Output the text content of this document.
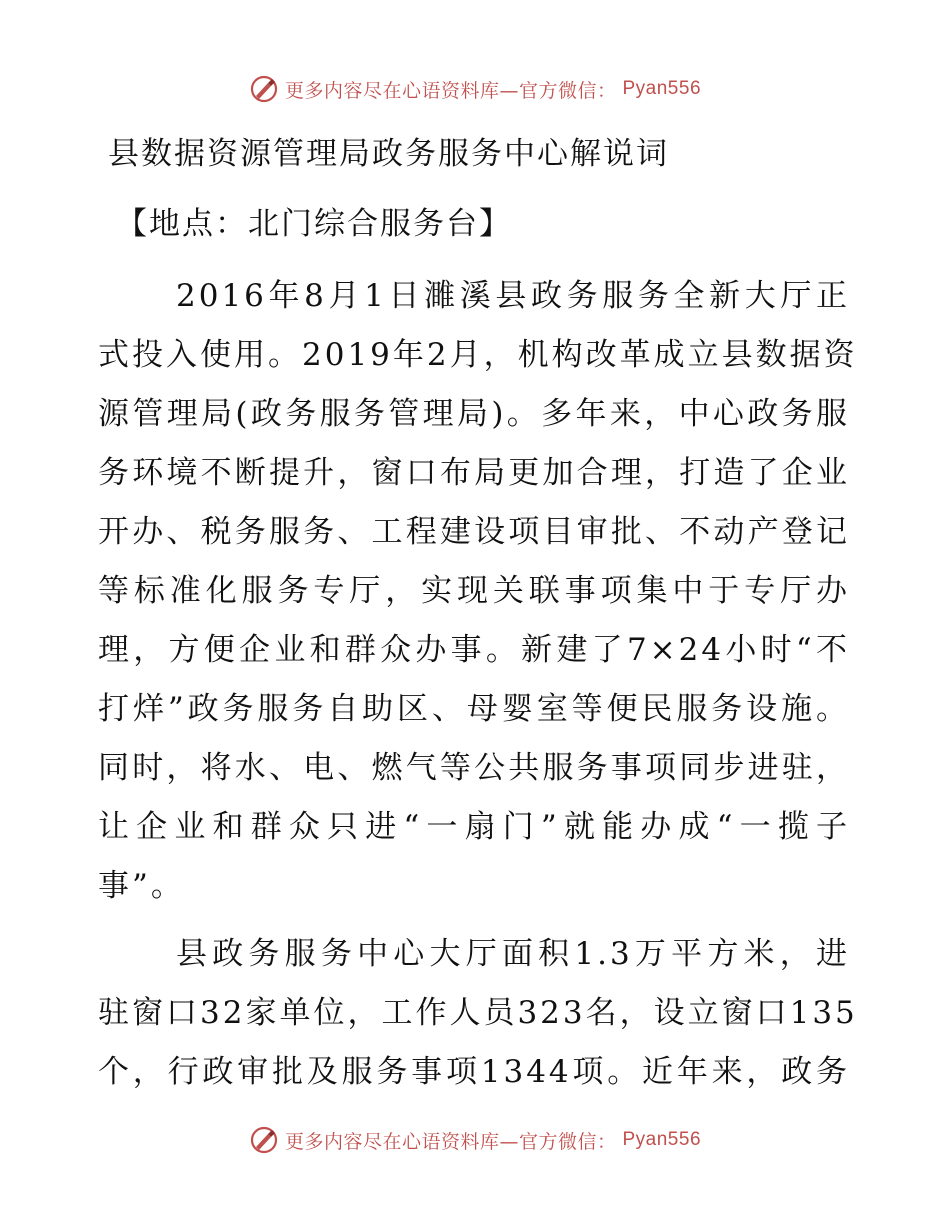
更多内容尽在心语资料库—官方微信： Pyan556
县数据资源管理局政务服务中心解说词
【地点：北门综合服务台】
2016年8月1日濉溪县政务服务全新大厅正
式投入使用。2019年2月，机构改革成立县数据资
源管理局(政务服务管理局)。多年来，中心政务服
务环境不断提升，窗口布局更加合理，打造了企业
开办、税务服务、工程建设项目审批、不动产登记
等标准化服务专厅，实现关联事项集中于专厅办
理，方便企业和群众办事。新建了7×24小时“不
打烊”政务服务自助区、母婴室等便民服务设施。
同时，将水、电、燃气等公共服务事项同步进驻，
让企业和群众只进“一扇门”就能办成“一揽子
事”。
县政务服务中心大厅面积1.3万平方米，进
驻窗口32家单位，工作人员323名，设立窗口135
个，行政审批及服务事项1344项。近年来，政务
更多内容尽在心语资料库—官方微信： Pyan556
